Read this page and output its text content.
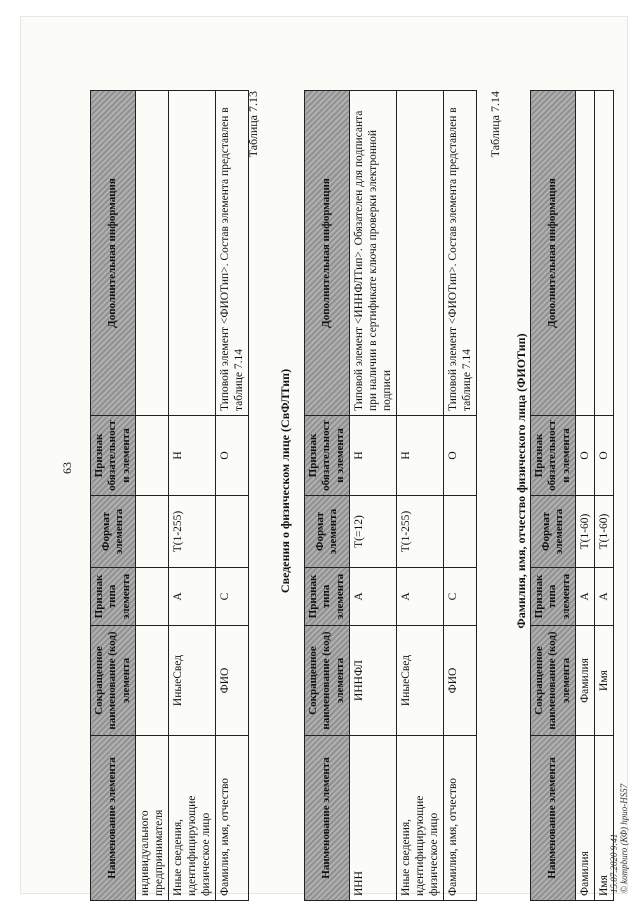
63
Наименование элемента	Сокращенное наименование (код) элемента	Признак типа элемента	Формат элемента	Признак обязательности элемента	Дополнительная информация
индивидуального предпринимателя					
Иные сведения, идентифицирующие физическое лицо	ИныеСвед	А	T(1-255)	Н	
Фамилия, имя, отчество	ФИО	С		О	Типовой элемент <ФИОТип>. Состав элемента представлен в таблице 7.14
Таблица 7.13
Сведения о физическом лице (СвФЛТип)
Наименование элемента	Сокращенное наименование (код) элемента	Признак типа элемента	Формат элемента	Признак обязательности элемента	Дополнительная информация
ИНН	ИННФЛ	А	T(=12)	Н	Типовой элемент <ИННФЛТип>. Обязателен для подписанта при наличии в сертификате ключа проверки электронной подписи
Иные сведения, идентифицирующие физическое лицо	ИныеСвед	А	T(1-255)	Н	
Фамилия, имя, отчество	ФИО	С		О	Типовой элемент <ФИОТип>. Состав элемента представлен в таблице 7.14
Таблица 7.14
Фамилия, имя, отчество физического лица (ФИОТип)
Наименование элемента	Сокращенное наименование (код) элемента	Признак типа элемента	Формат элемента	Признак обязательности элемента	Дополнительная информация
Фамилия	Фамилия	А	T(1-60)	О	
Имя	Имя	А	T(1-60)	О	
15.07.2020 9:41 © kompburo (КФ) hpuo-HS57
